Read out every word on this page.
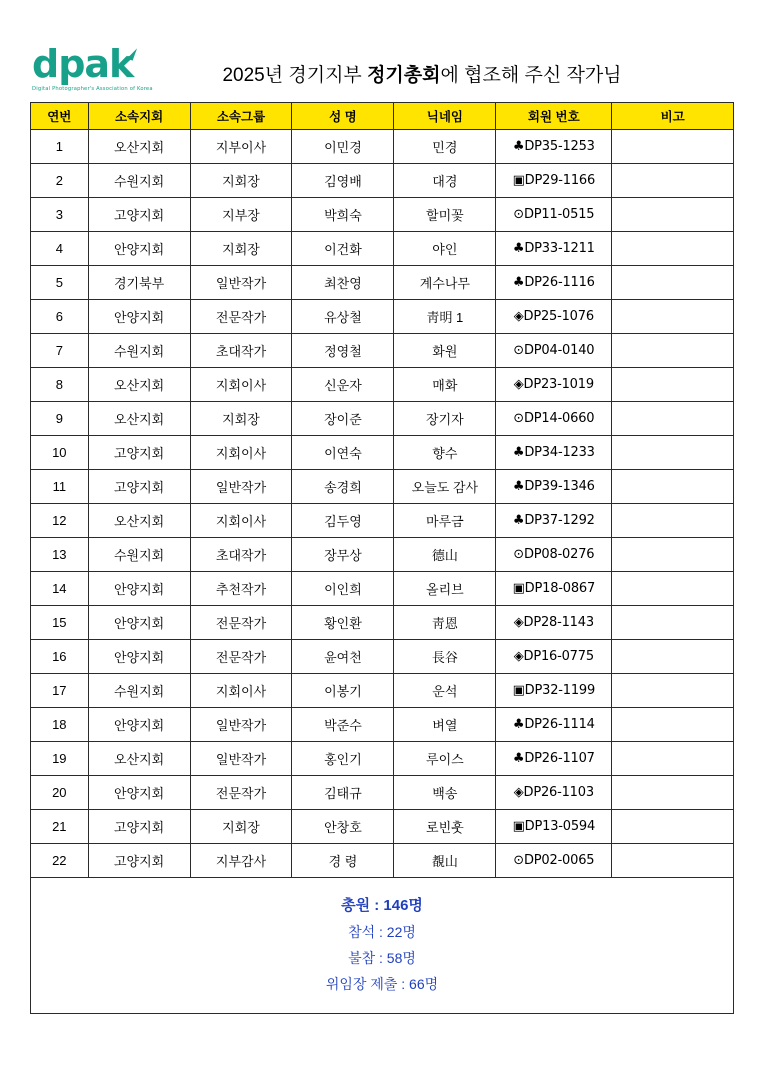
dpak
Digital Photographer's Association of Korea
2025년 경기지부 정기총회에 협조해 주신 작가님
연번	소속지회	소속그룹	성 명	닉네임	회원 번호	비고
1	오산지회	지부이사	이민경	민경	♣DP35-1253	
2	수원지회	지회장	김영배	대경	▣DP29-1166	
3	고양지회	지부장	박희숙	할미꽃	⊙DP11-0515	
4	안양지회	지회장	이건화	야인	♣DP33-1211	
5	경기북부	일반작가	최찬영	계수나무	♣DP26-1116	
6	안양지회	전문작가	유상철	靑明 1	◈DP25-1076	
7	수원지회	초대작가	정영철	화원	⊙DP04-0140	
8	오산지회	지회이사	신운자	매화	◈DP23-1019	
9	오산지회	지회장	장이준	장기자	⊙DP14-0660	
10	고양지회	지회이사	이연숙	향수	♣DP34-1233	
11	고양지회	일반작가	송경희	오늘도 감사	♣DP39-1346	
12	오산지회	지회이사	김두영	마루금	♣DP37-1292	
13	수원지회	초대작가	장무상	德山	⊙DP08-0276	
14	안양지회	추천작가	이인희	올리브	▣DP18-0867	
15	안양지회	전문작가	황인환	靑恩	◈DP28-1143	
16	안양지회	전문작가	윤여천	長谷	◈DP16-0775	
17	수원지회	지회이사	이봉기	운석	▣DP32-1199	
18	안양지회	일반작가	박준수	벼열	♣DP26-1114	
19	오산지회	일반작가	홍인기	루이스	♣DP26-1107	
20	안양지회	전문작가	김태규	백송	◈DP26-1103	
21	고양지회	지회장	안창호	로빈훗	▣DP13-0594	
22	고양지회	지부감사	경 령	覩山	⊙DP02-0065	
총원 : 146명
참석 : 22명
불참 : 58명
위임장 제출 : 66명
